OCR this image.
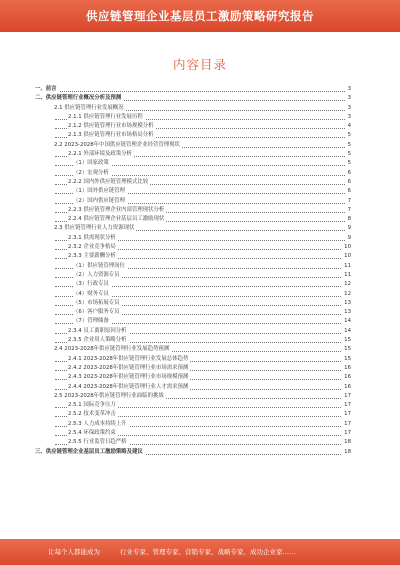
供应链管理企业基层员工激励策略研究报告
内容目录
一、前言	3
二、供应链管理行业概况分析及预测	3
2.1 供应链管理行业发展概况	3
2.1.1 供应链管理行业发展历程	3
2.1.2 供应链管理行业市场规模分析	4
2.1.3 供应链管理行业市场格局分析	5
2.2 2023-2028年中国供应链管理企业经营管理现状	5
2.2.1 外部环境及政策分析	5
（1）国家政策	5
（2）宏观分析	6
2.2.2 国内外供应链管理模式比较	6
（1）国外供应链管理	6
（2）国内供应链管理	7
2.2.3 供应链管理企业内部管理现状分析	7
2.2.4 供应链管理企业基层员工激励现状	8
2.3 供应链管理行业人力资源现状	9
2.3.1 供需现状分析	9
2.3.2 企业竞争格局	10
2.3.3 主要薪酬分析	10
（1）供应链管理岗位	11
（2）人力资源专员	11
（3）行政专员	12
（4）财务专员	12
（5）市场拓展专员	13
（6）客户服务专员	13
（7）管理储备	14
2.3.4 员工离职原因分析	14
2.3.5 企业用人策略分析	15
2.4 2023-2028年供应链管理行业发展趋势预测	15
2.4.1 2023-2028年供应链管理行业发展总体趋势	15
2.4.2 2023-2028年供应链管理行业市场需求预测	16
2.4.3 2023-2028年供应链管理行业市场规模预测	16
2.4.4 2023-2028年供应链管理行业人才需求预测	16
2.5 2023-2028年供应链管理行业面临的挑战	17
2.5.1 国际竞争压力	17
2.5.2 技术变革冲击	17
2.5.3 人力成本持续上升	17
2.5.4 环保政策约束	17
2.5.5 行业监管日趋严格	18
三、供应链管理企业基层员工激励策略及建议	18
让每个人都能成为	行业专家、管理专家、营销专家、战略专家、成功企业家……
